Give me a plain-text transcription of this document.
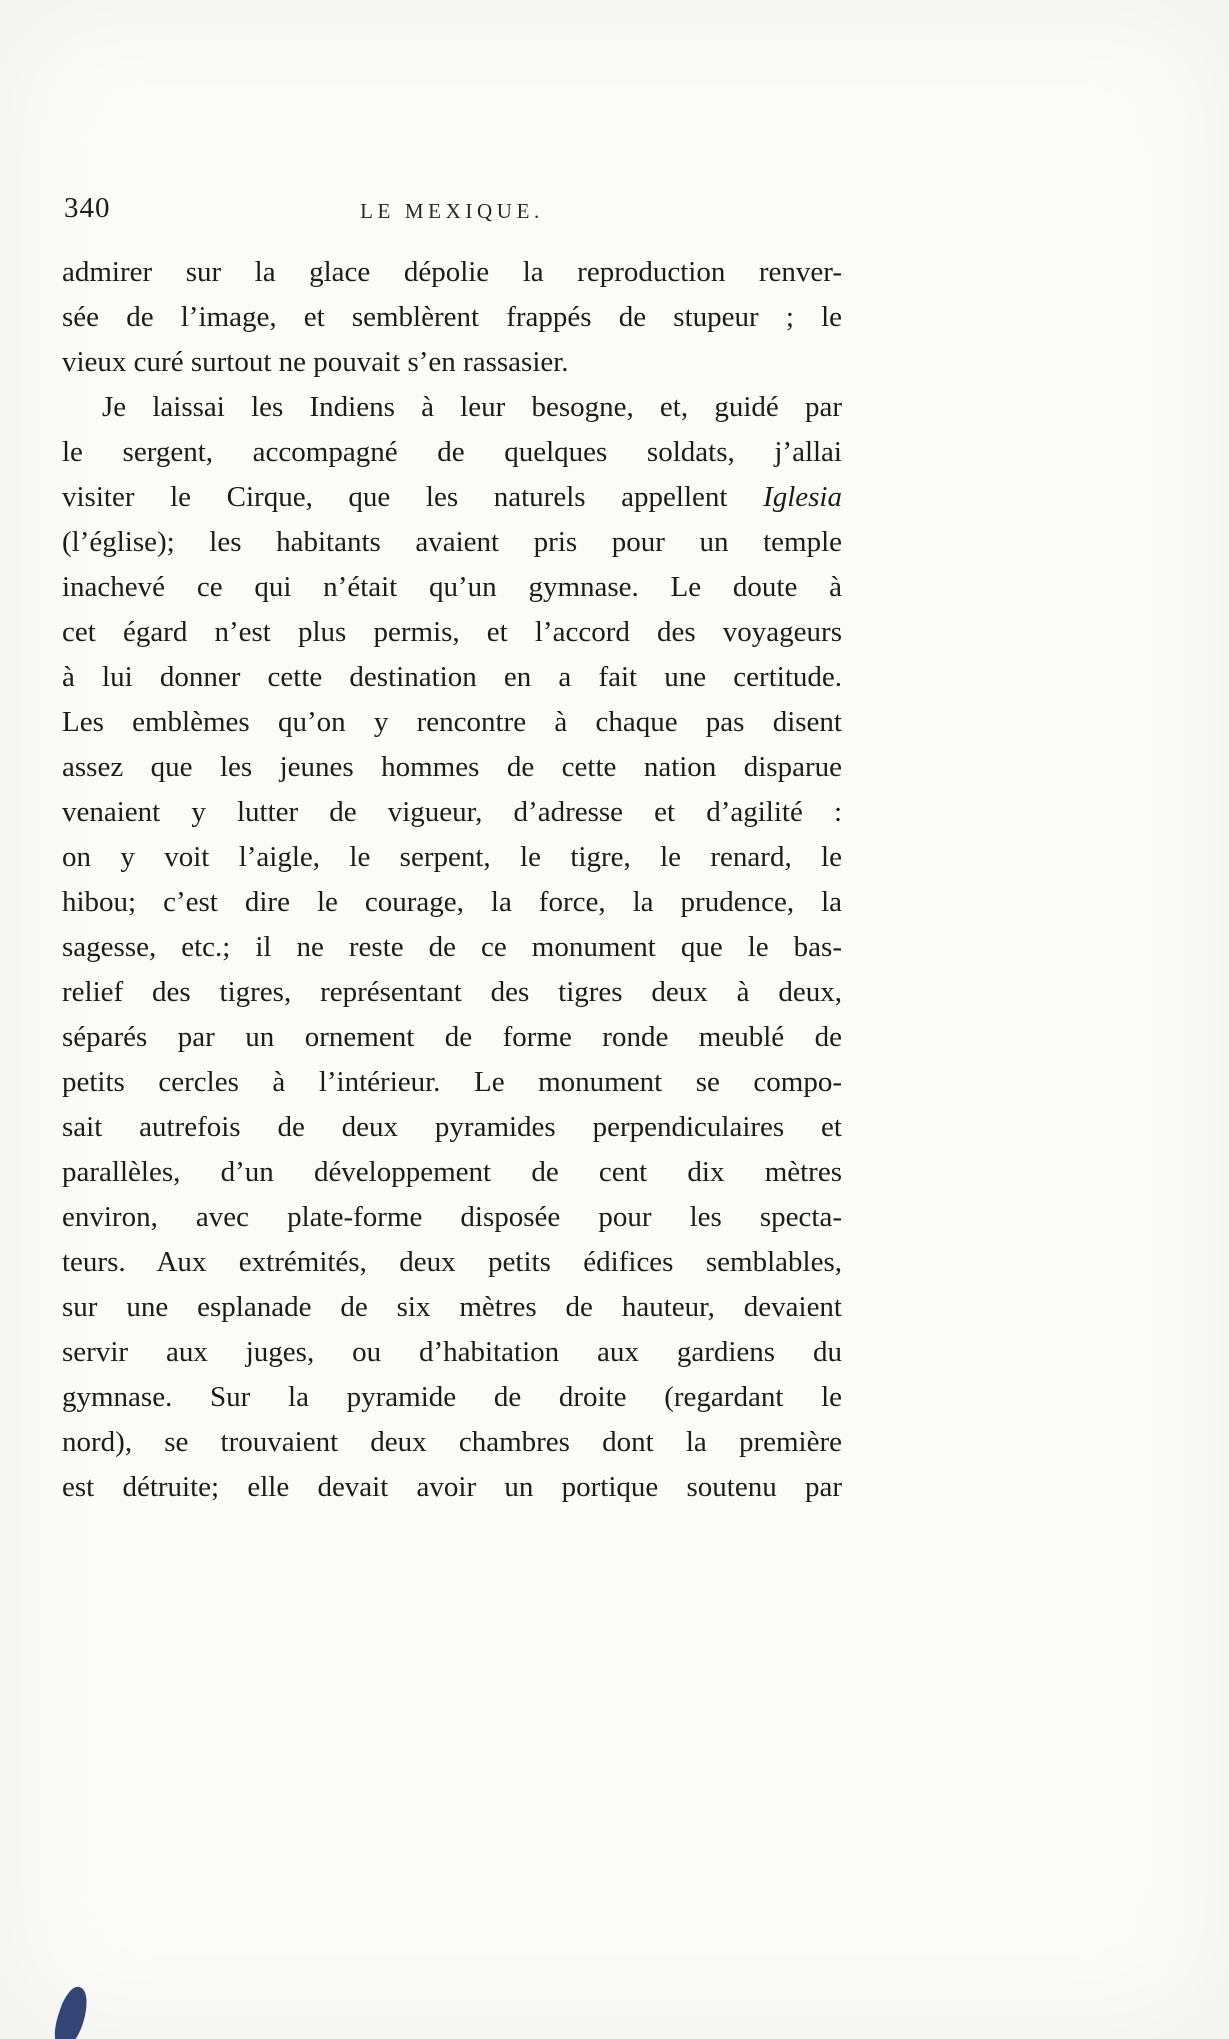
340	LE MEXIQUE.
admirer sur la glace dépolie la reproduction renver-
sée de l’image, et semblèrent frappés de stupeur ; le
vieux curé surtout ne pouvait s’en rassasier.
Je laissai les Indiens à leur besogne, et, guidé par
le sergent, accompagné de quelques soldats, j’allai
visiter le Cirque, que les naturels appellent Iglesia
(l’église); les habitants avaient pris pour un temple
inachevé ce qui n’était qu’un gymnase. Le doute à
cet égard n’est plus permis, et l’accord des voyageurs
à lui donner cette destination en a fait une certitude.
Les emblèmes qu’on y rencontre à chaque pas disent
assez que les jeunes hommes de cette nation disparue
venaient y lutter de vigueur, d’adresse et d’agilité :
on y voit l’aigle, le serpent, le tigre, le renard, le
hibou; c’est dire le courage, la force, la prudence, la
sagesse, etc.; il ne reste de ce monument que le bas-
relief des tigres, représentant des tigres deux à deux,
séparés par un ornement de forme ronde meublé de
petits cercles à l’intérieur. Le monument se compo-
sait autrefois de deux pyramides perpendiculaires et
parallèles, d’un développement de cent dix mètres
environ, avec plate-forme disposée pour les specta-
teurs. Aux extrémités, deux petits édifices semblables,
sur une esplanade de six mètres de hauteur, devaient
servir aux juges, ou d’habitation aux gardiens du
gymnase. Sur la pyramide de droite (regardant le
nord), se trouvaient deux chambres dont la première
est détruite; elle devait avoir un portique soutenu par
